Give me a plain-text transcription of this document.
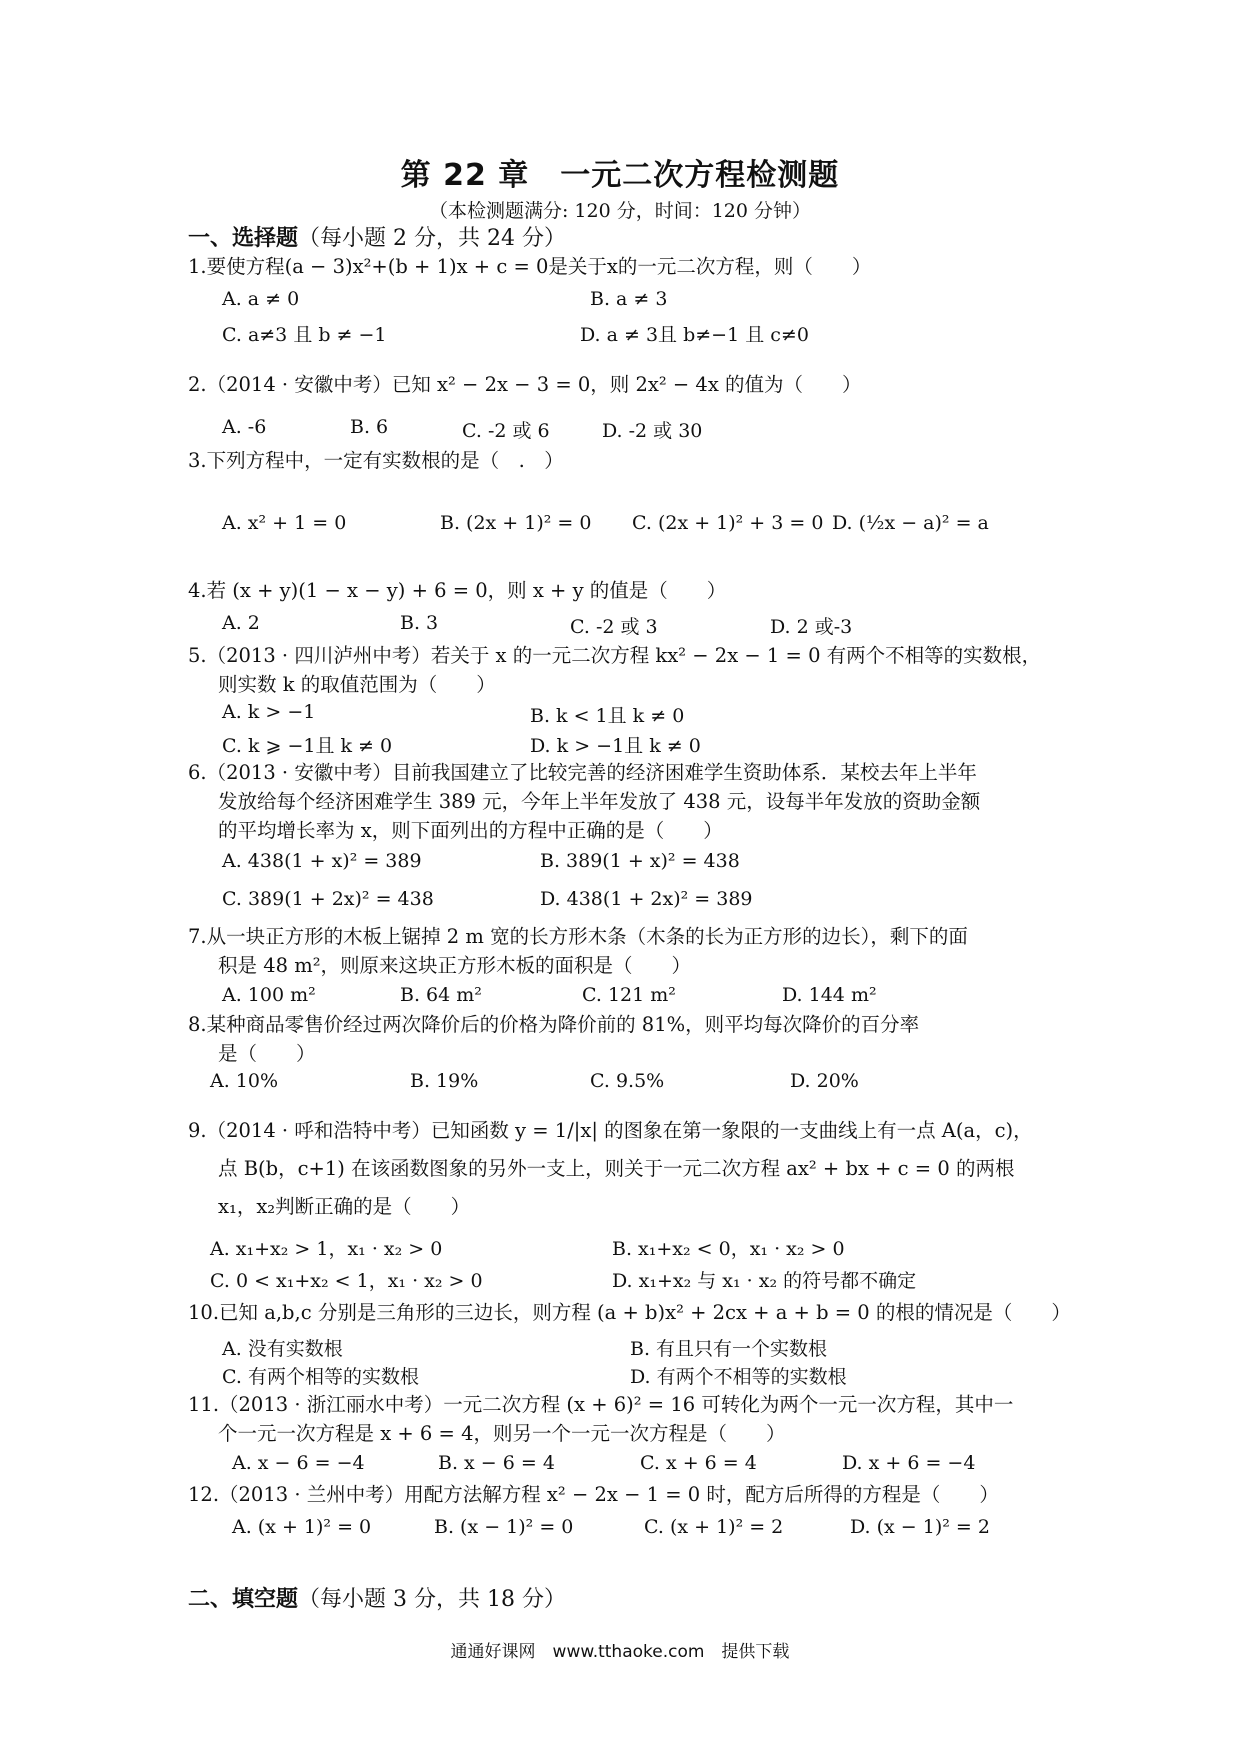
第 22 章　一元二次方程检测题
（本检测题满分: 120 分，时间：120 分钟）
一、选择题（每小题 2 分，共 24 分）
1.要使方程(a − 3)x²+(b + 1)x + c = 0是关于x的一元二次方程，则（　　）
A. a ≠ 0	B. a ≠ 3
C. a≠3 且 b ≠ −1	D. a ≠ 3且 b≠−1 且 c≠0
2.（2014 · 安徽中考）已知 x² − 2x − 3 = 0，则 2x² − 4x 的值为（　　）
A. -6	B. 6	C. -2 或 6	D. -2 或 30
3.下列方程中，一定有实数根的是（　.　）
A. x² + 1 = 0	B. (2x + 1)² = 0 C. (2x + 1)² + 3 = 0 D. (½x − a)² = a
4.若 (x + y)(1 − x − y) + 6 = 0，则 x + y 的值是（　　）
A. 2	B. 3	C. -2 或 3	D. 2 或-3
5.（2013 · 四川泸州中考）若关于 x 的一元二次方程 kx² − 2x − 1 = 0 有两个不相等的实数根，
则实数 k 的取值范围为（　　）
A. k > −1	B. k < 1且 k ≠ 0
C. k ⩾ −1且 k ≠ 0	D. k > −1且 k ≠ 0
6.（2013 · 安徽中考）目前我国建立了比较完善的经济困难学生资助体系．某校去年上半年
发放给每个经济困难学生 389 元，今年上半年发放了 438 元，设每半年发放的资助金额
的平均增长率为 x，则下面列出的方程中正确的是（　　）
A. 438(1 + x)² = 389	B. 389(1 + x)² = 438
C. 389(1 + 2x)² = 438	D. 438(1 + 2x)² = 389
7.从一块正方形的木板上锯掉 2 m 宽的长方形木条（木条的长为正方形的边长），剩下的面
积是 48 m²，则原来这块正方形木板的面积是（　　）
A. 100 m²	B. 64 m²	C. 121 m²	D. 144 m²
8.某种商品零售价经过两次降价后的价格为降价前的 81%，则平均每次降价的百分率
是（　　）
A. 10%	B. 19%	C. 9.5%	D. 20%
9.（2014 · 呼和浩特中考）已知函数 y = 1/|x| 的图象在第一象限的一支曲线上有一点 A(a，c)，
点 B(b，c+1) 在该函数图象的另外一支上，则关于一元二次方程 ax² + bx + c = 0 的两根
x₁，x₂判断正确的是（　　）
A. x₁+x₂ > 1，x₁ · x₂ > 0	B. x₁+x₂ < 0，x₁ · x₂ > 0
C. 0 < x₁+x₂ < 1，x₁ · x₂ > 0	D. x₁+x₂ 与 x₁ · x₂ 的符号都不确定
10.已知 a,b,c 分别是三角形的三边长，则方程 (a + b)x² + 2cx + a + b = 0 的根的情况是（　　）
A. 没有实数根	B. 有且只有一个实数根
C. 有两个相等的实数根	D. 有两个不相等的实数根
11.（2013 · 浙江丽水中考）一元二次方程 (x + 6)² = 16 可转化为两个一元一次方程，其中一
个一元一次方程是 x + 6 = 4，则另一个一元一次方程是（　　）
A. x − 6 = −4	B. x − 6 = 4	C. x + 6 = 4	D. x + 6 = −4
12.（2013 · 兰州中考）用配方法解方程 x² − 2x − 1 = 0 时，配方后所得的方程是（　　）
A. (x + 1)² = 0	B. (x − 1)² = 0	C. (x + 1)² = 2	D. (x − 1)² = 2
二、填空题（每小题 3 分，共 18 分）
通通好课网　www.tthaoke.com　提供下载
